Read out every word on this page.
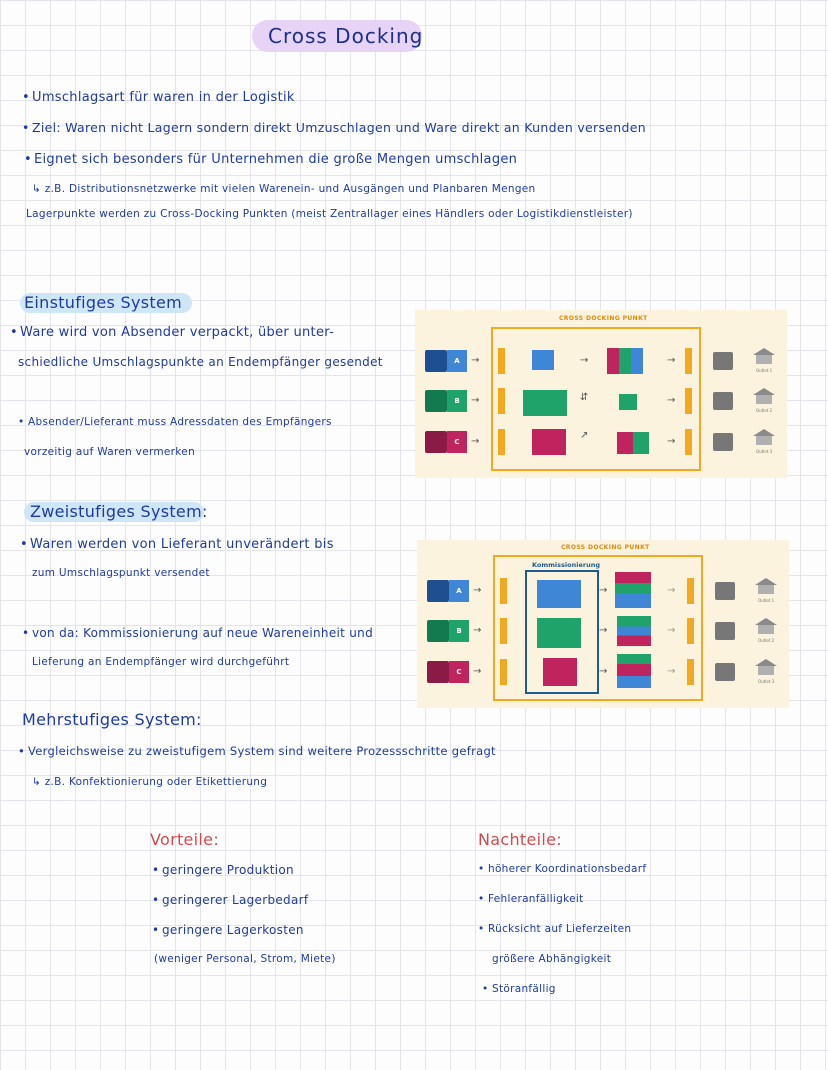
Cross Docking
• Umschlagsart für waren in der Logistik
• Ziel: Waren nicht Lagern sondern direkt Umzuschlagen und Ware direkt an Kunden versenden
• Eignet sich besonders für Unternehmen die große Mengen umschlagen
↳ z.B. Distributionsnetzwerke mit vielen Warenein- und Ausgängen und Planbaren Mengen
Lagerpunkte werden zu Cross-Docking Punkten (meist Zentrallager eines Händlers oder Logistikdienstleister)
Einstufiges System
• Ware wird von Absender verpackt, über unter-
schiedliche Umschlagspunkte an Endempfänger gesendet
• Absender/Lieferant muss Adressdaten des Empfängers
vorzeitig auf Waren vermerken
CROSS DOCKING PUNKT
A
B
C
→
→
→
→
⇵
↗
→
→
→
Outlet 1
Outlet 2
Outlet 3
Zweistufiges System:
• Waren werden von Lieferant unverändert bis
zum Umschlagspunkt versendet
• von da: Kommissionierung auf neue Wareneinheit und
Lieferung an Endempfänger wird durchgeführt
CROSS DOCKING PUNKT
Kommissionierung
A
B
C
→
→
→
→
→
→
→
→
→
Outlet 1
Outlet 2
Outlet 3
Mehrstufiges System:
• Vergleichsweise zu zweistufigem System sind weitere Prozessschritte gefragt
↳ z.B. Konfektionierung oder Etikettierung
Vorteile:
• geringere Produktion
• geringerer Lagerbedarf
• geringere Lagerkosten
(weniger Personal, Strom, Miete)
Nachteile:
• höherer Koordinationsbedarf
• Fehleranfälligkeit
• Rücksicht auf Lieferzeiten
größere Abhängigkeit
• Störanfällig
